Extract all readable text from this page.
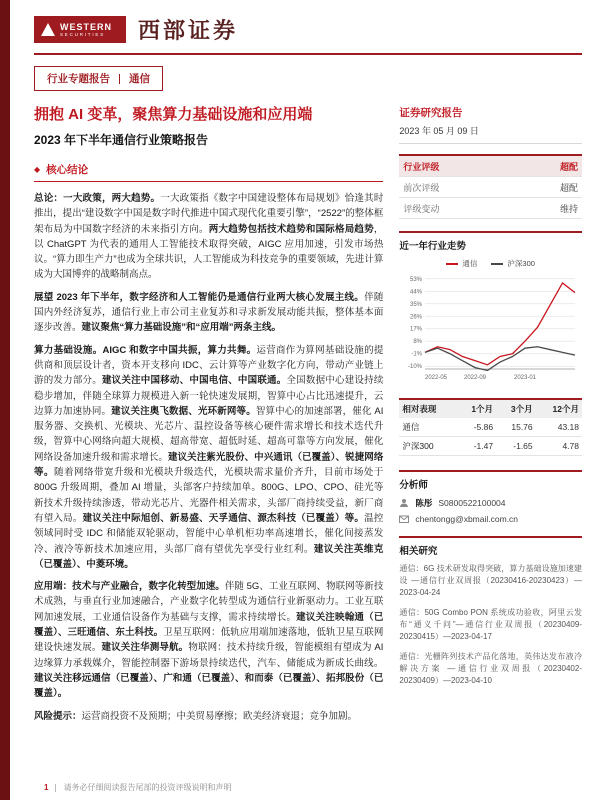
WESTERN
SECURITIES	西部证券
行业专题报告 通信
拥抱 AI 变革，聚焦算力基础设施和应用端
2023 年下半年通信行业策略报告
◆ 核心结论
总论：一大政策，两大趋势。一大政策指《数字中国建设整体布局规划》恰逢其时推出，提出“建设数字中国是数字时代推进中国式现代化重要引擎”，“2522”的整体框架布局为中国数字经济的未来指引方向。两大趋势包括技术趋势和国际格局趋势，以 ChatGPT 为代表的通用人工智能技术取得突破，AIGC 应用加速，引发市场热议。“算力即生产力”也成为全球共识，人工智能成为科技竞争的重要领域，先进计算成为大国博弈的战略制高点。
展望 2023 年下半年，数字经济和人工智能仍是通信行业两大核心发展主线。伴随国内外经济复苏，通信行业上市公司主业复苏和寻求新发展动能共振，整体基本面逐步改善。建议聚焦“算力基础设施”和“应用端”两条主线。
算力基础设施。AIGC 和数字中国共振，算力共舞。运营商作为算网基础设施的提供商和顶层设计者，资本开支移向 IDC、云计算等产业数字化方向，带动产业链上游的发力部分。建议关注中国移动、中国电信、中国联通。全国数据中心建设持续稳步增加，伴随全球算力规模进入新一轮快速发展期，智算中心占比迅速提升，云边算力加速协同。建议关注奥飞数据、光环新网等。智算中心的加速部署，催化 AI 服务器、交换机、光模块、光芯片、温控设备等核心硬件需求增长和技术迭代升级，智算中心网络向超大规模、超高带宽、超低时延、超高可靠等方向发展，催化网络设备加速升级和需求增长。建议关注紫光股份、中兴通讯（已覆盖）、锐捷网络等。随着网络带宽升级和光模块升级迭代，光模块需求量价齐升，目前市场处于 800G 升级周期，叠加 AI 增量，头部客户持续加单。800G、LPO、CPO、硅光等新技术升级持续渗透，带动光芯片、光器件相关需求，头部厂商持续受益，新厂商有望入局。建议关注中际旭创、新易盛、天孚通信、源杰科技（已覆盖）等。温控领域同时受 IDC 和储能双轮驱动，智能中心单机柜功率高速增长，催化间接蒸发冷、液冷等新技术加速应用，头部厂商有望优先享受行业红利。建议关注英维克（已覆盖）、中菱环境。
应用端：技术与产业融合，数字化转型加速。伴随 5G、工业互联网、物联网等新技术成熟，与垂直行业加速融合，产业数字化转型成为通信行业新驱动力。工业互联网加速发展，工业通信设备作为基础与支撑，需求持续增长。建议关注映翰通（已覆盖）、三旺通信、东土科技。卫星互联网：低轨应用端加速落地，低轨卫星互联网建设快速发展。建议关注华测导航。物联网：技术持续升级，智能模组有望成为 AI 边缘算力承载媒介，智能控制器下游场景持续迭代，汽车、储能成为新成长曲线。建议关注移远通信（已覆盖）、广和通（已覆盖）、和而泰（已覆盖）、拓邦股份（已覆盖）。
风险提示：运营商投资不及预期；中美贸易摩擦；欧美经济衰退；竞争加剧。
证券研究报告
2023 年 05 月 09 日
行业评级	超配
前次评级	超配
评级变动	维持
近一年行业走势
通信	沪深300
53%
44%
35%
26%
17%
8%
-1%
-10%
2022-05	2022-09	2023-01
相对表现	1个月	3个月	12个月
通信	-5.86	15.76	43.18
沪深300	-1.47	-1.65	4.78
分析师
陈彤 S0800522100004
chentongg@xbmail.com.cn
相关研究
通信：6G 技术研发取得突破，算力基础设施加速建设 —通信行业双周报（20230416-20230423）—2023-04-24
通信：50G Combo PON 系统成功验收，阿里云发布“通义千问”—通信行业双周报（20230409-20230415）—2023-04-17
通信：光栅阵列技术产品化落地，英伟达发布液冷解决方案 —通信行业双周报（20230402-20230409）—2023-04-10
1 请务必仔细阅读报告尾部的投资评级说明和声明
